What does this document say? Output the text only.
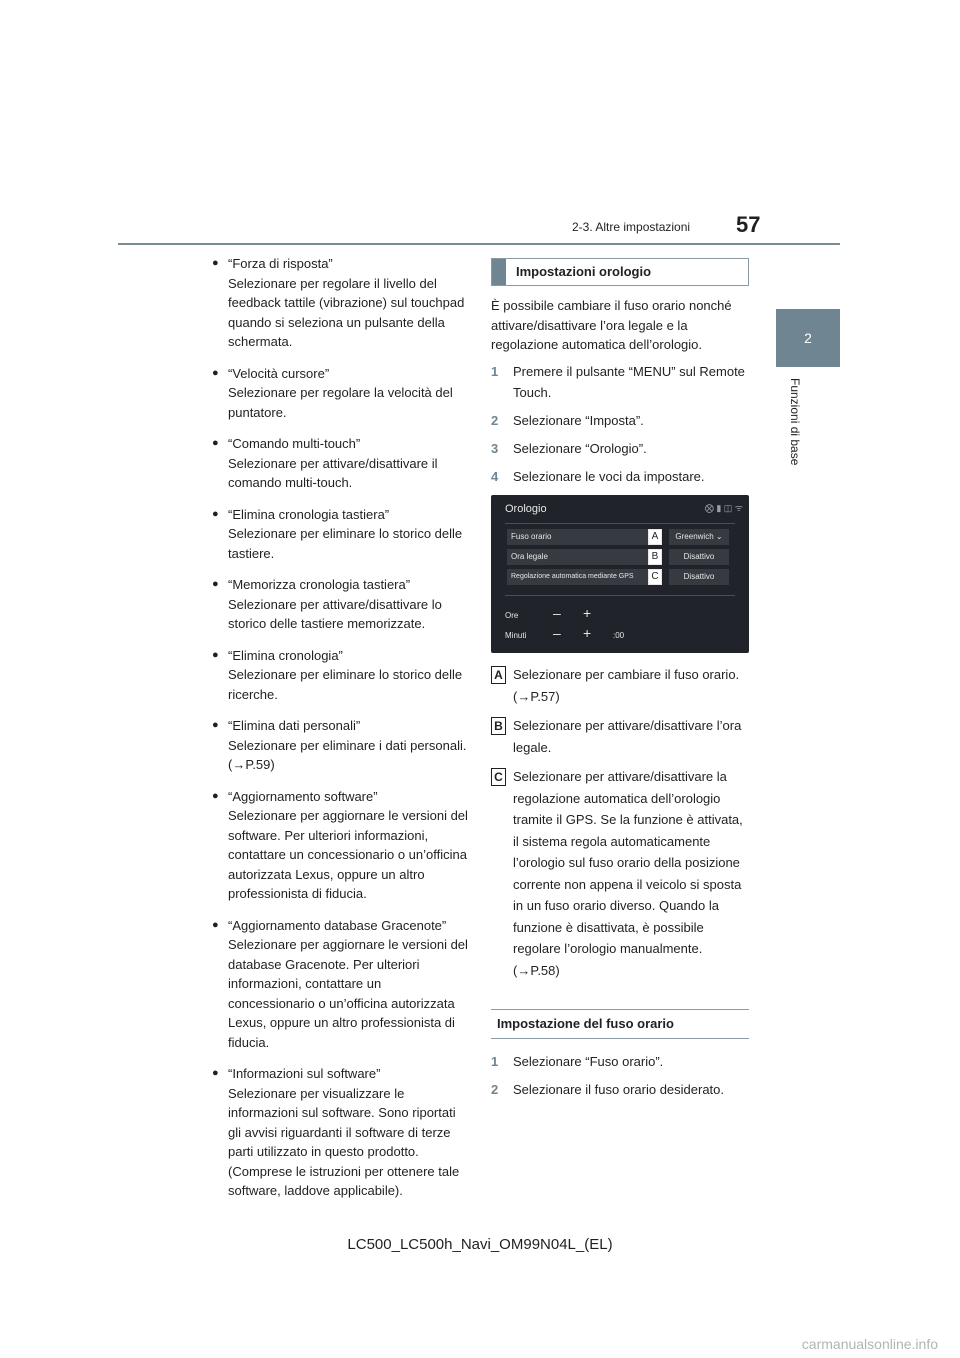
57
2-3. Altre impostazioni
2
Funzioni di base
● “Forza di risposta”
Selezionare per regolare il livello del feedback tattile (vibrazione) sul touchpad quando si seleziona un pulsante della schermata.
● “Velocità cursore”
Selezionare per regolare la velocità del puntatore.
● “Comando multi-touch”
Selezionare per attivare/disattivare il comando multi-touch.
● “Elimina cronologia tastiera”
Selezionare per eliminare lo storico delle tastiere.
● “Memorizza cronologia tastiera”
Selezionare per attivare/disattivare lo storico delle tastiere memorizzate.
● “Elimina cronologia”
Selezionare per eliminare lo storico delle ricerche.
● “Elimina dati personali”
Selezionare per eliminare i dati personali. (→P.59)
● “Aggiornamento software”
Selezionare per aggiornare le versioni del software. Per ulteriori informazioni, contattare un concessionario o un’officina autorizzata Lexus, oppure un altro professionista di fiducia.
● “Aggiornamento database Gracenote”
Selezionare per aggiornare le versioni del database Gracenote. Per ulteriori informazioni, contattare un concessionario o un’officina autorizzata Lexus, oppure un altro professionista di fiducia.
● “Informazioni sul software”
Selezionare per visualizzare le informazioni sul software. Sono riportati gli avvisi riguardanti il software di terze parti utilizzato in questo prodotto. (Comprese le istruzioni per ottenere tale software, laddove applicabile).
Impostazioni orologio
È possibile cambiare il fuso orario nonché attivare/disattivare l’ora legale e la regolazione automatica dell’orologio.
1 Premere il pulsante “MENU” sul Remote Touch.
2 Selezionare “Imposta”.
3 Selezionare “Orologio”.
4 Selezionare le voci da impostare.
Orologio	⨂ ▮ ◫ ᯤ
Fuso orario	A	Greenwich ⌄
Ora legale	B	Disattivo
Regolazione automatica mediante GPS	C	Disattivo
Ore – +
Minuti – +	:00
A Selezionare per cambiare il fuso orario. (→P.57)
B Selezionare per attivare/disattivare l’ora legale.
C Selezionare per attivare/disattivare la regolazione automatica dell’orologio tramite il GPS. Se la funzione è attivata, il sistema regola automaticamente l’orologio sul fuso orario della posizione corrente non appena il veicolo si sposta in un fuso orario diverso. Quando la funzione è disattivata, è possibile regolare l’orologio manualmente. (→P.58)
Impostazione del fuso orario
1 Selezionare “Fuso orario”.
2 Selezionare il fuso orario desiderato.
LC500_LC500h_Navi_OM99N04L_(EL)
carmanualsonline.info
